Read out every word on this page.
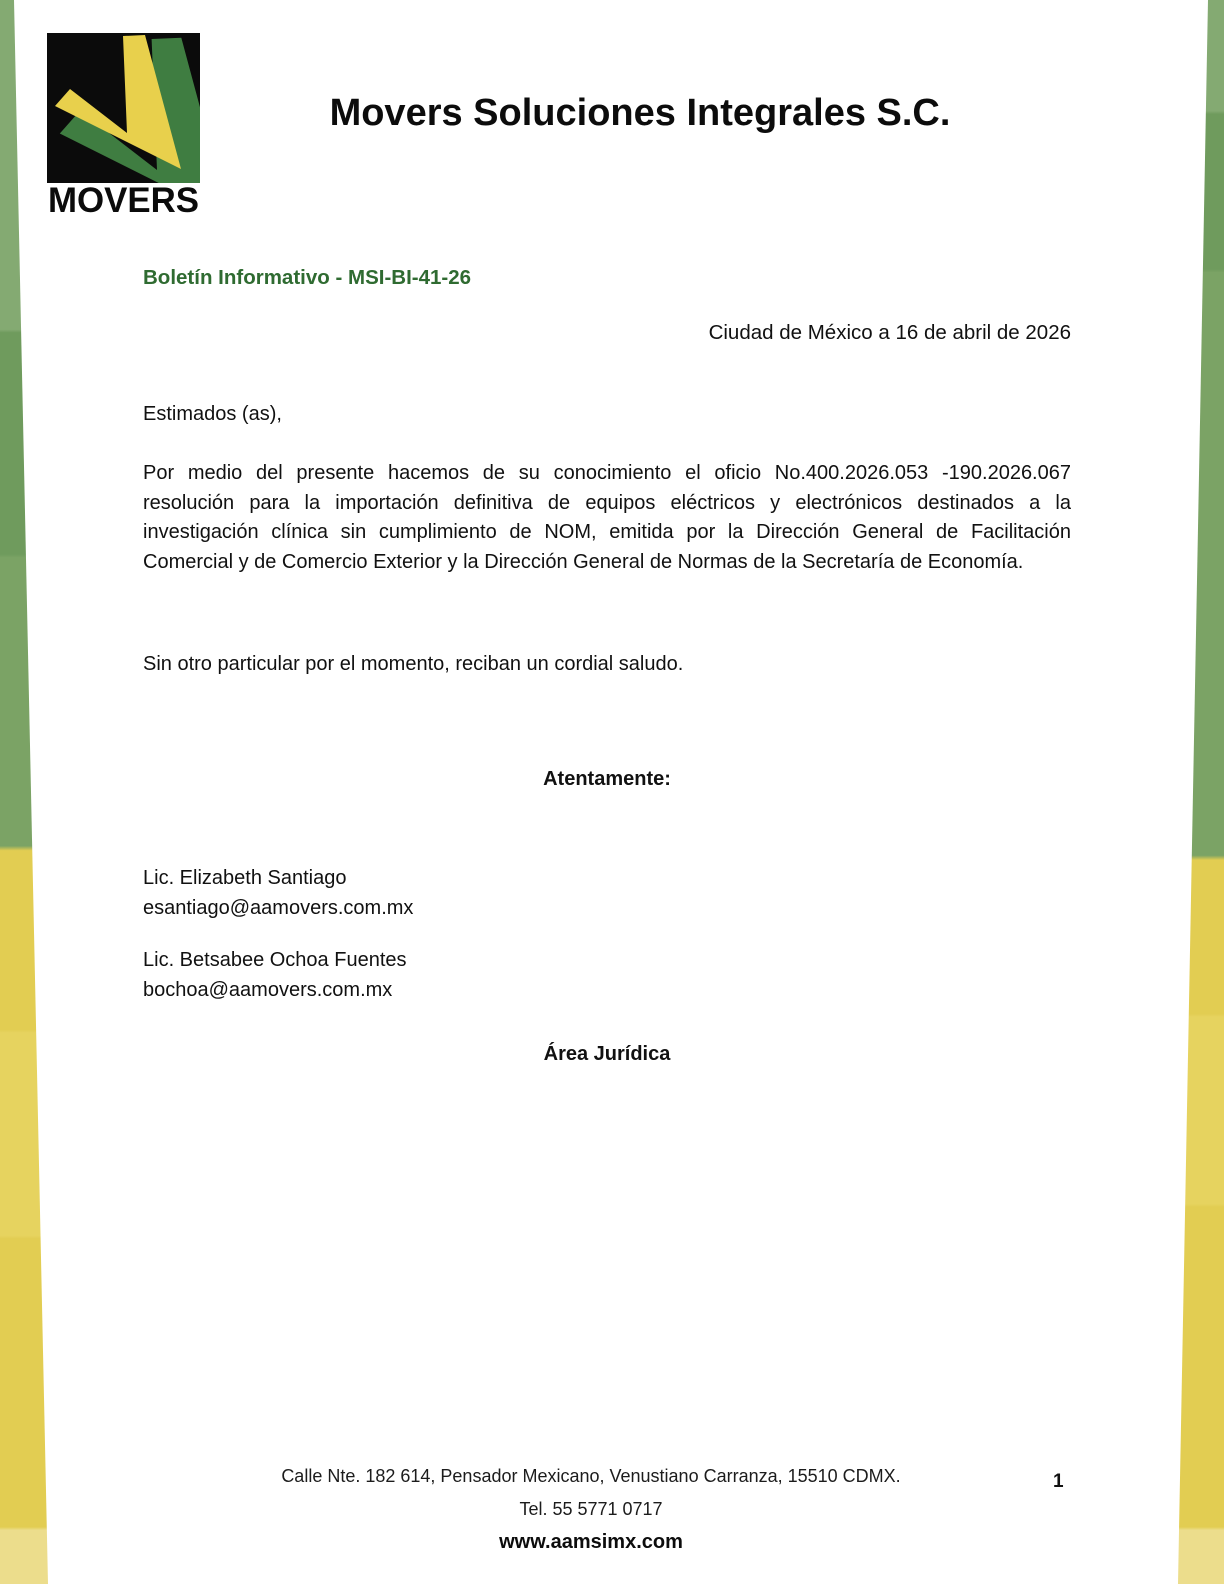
MOVERS
Movers Soluciones Integrales S.C.
Boletín Informativo - MSI-BI-41-26
Ciudad de México a 16 de abril de 2026
Estimados (as),
Por medio del presente hacemos de su conocimiento el oficio No.400.2026.053 -190.2026.067 resolución para la importación definitiva de equipos eléctricos y electrónicos destinados a la investigación clínica sin cumplimiento de NOM, emitida por la Dirección General de Facilitación Comercial y de Comercio Exterior y la Dirección General de Normas de la Secretaría de Economía.
Sin otro particular por el momento, reciban un cordial saludo.
Atentamente:
Lic. Elizabeth Santiago
esantiago@aamovers.com.mx
Lic. Betsabee Ochoa Fuentes
bochoa@aamovers.com.mx
Área Jurídica
Calle Nte. 182 614, Pensador Mexicano, Venustiano Carranza, 15510 CDMX.
Tel. 55 5771 0717
www.aamsimx.com
1
